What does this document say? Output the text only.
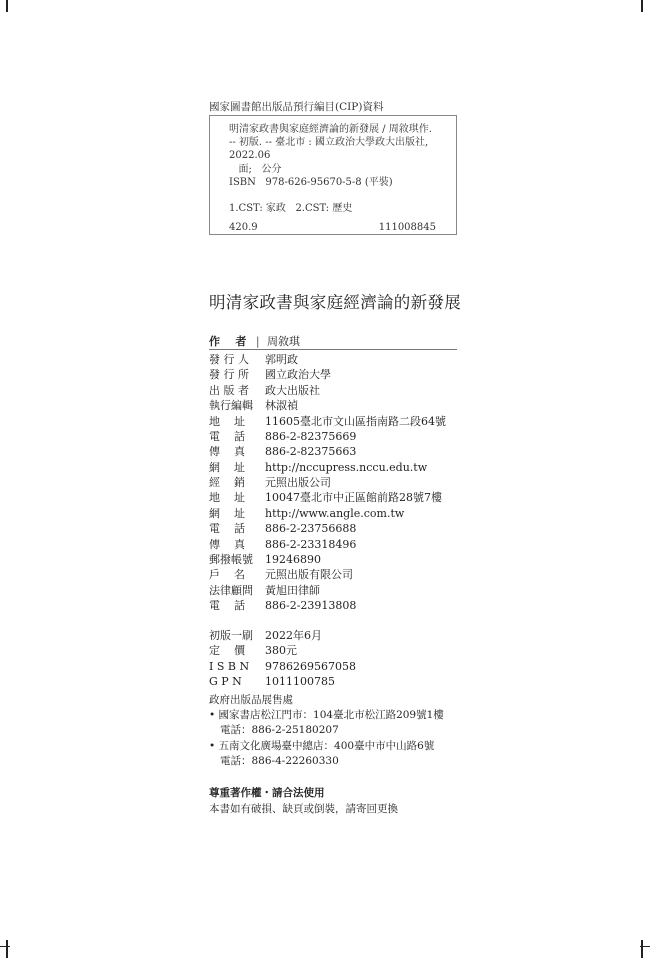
國家圖書館出版品預行編目(CIP)資料
明清家政書與家庭經濟論的新發展 / 周敘琪作.
-- 初版. -- 臺北市 : 國立政治大學政大出版社,
2022.06
面;   公分
ISBN   978-626-95670-5-8 (平裝)

1.CST: 家政   2.CST: 歷史
420.9	111008845
明清家政書與家庭經濟論的新發展
作    者 | 周敘琪
發 行 人	郭明政
發 行 所	國立政治大學
出 版 者	政大出版社
執行編輯	林淑禎
地    址	11605臺北市文山區指南路二段64號
電    話	886-2-82375669
傳    真	886-2-82375663
網    址	http://nccupress.nccu.edu.tw
經    銷	元照出版公司
地    址	10047臺北市中正區館前路28號7樓
網    址	http://www.angle.com.tw
電    話	886-2-23756688
傳    真	886-2-23318496
郵撥帳號	19246890
戶    名	元照出版有限公司
法律顧問	黃旭田律師
電    話	886-2-23913808
初版一刷	2022年6月
定    價	380元
I S B N	9786269567058
G P N	1011100785
政府出版品展售處
• 國家書店松江門市：104臺北市松江路209號1樓
電話：886-2-25180207
• 五南文化廣場臺中總店：400臺中市中山路6號
電話：886-4-22260330
尊重著作權・請合法使用
本書如有破損、缺頁或倒裝，請寄回更換
